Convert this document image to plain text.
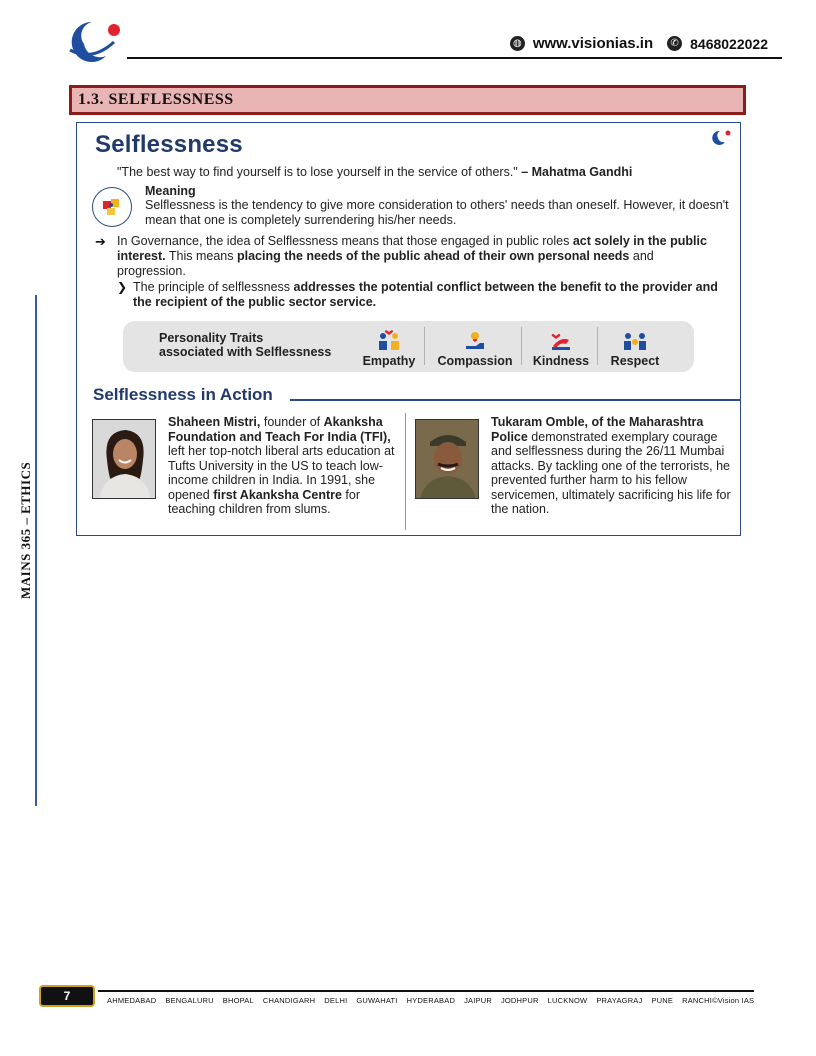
◍ www.visionias.in	✆ 8468022022
1.3. SELFLESSNESS
Selflessness
"The best way to find yourself is to lose yourself in the service of others." – Mahatma Gandhi
Meaning
Selflessness is the tendency to give more consideration to others' needs than oneself. However, it doesn't mean that one is completely surrendering his/her needs.
➔ In Governance, the idea of Selflessness means that those engaged in public roles act solely in the public interest. This means placing the needs of the public ahead of their own personal needs and progression.
❯ The principle of selflessness addresses the potential conflict between the benefit to the provider and the recipient of the public sector service.
Personality Traits
associated with Selflessness
Empathy Compassion Kindness Respect
Selflessness in Action
Shaheen Mistri, founder of Akanksha Foundation and Teach For India (TFI), left her top-notch liberal arts education at Tufts University in the US to teach low-income children in India. In 1991, she opened first Akanksha Centre for teaching children from slums.
Tukaram Omble, of the Maharashtra Police demonstrated exemplary courage and selflessness during the 26/11 Mumbai attacks. By tackling one of the terrorists, he prevented further harm to his fellow servicemen, ultimately sacrificing his life for the nation.
MAINS 365 – ETHICS
7	AHMEDABAD BENGALURU BHOPAL CHANDIGARH DELHI GUWAHATI HYDERABAD JAIPUR JODHPUR LUCKNOW PRAYAGRAJ PUNE RANCHI©Vision IAS
